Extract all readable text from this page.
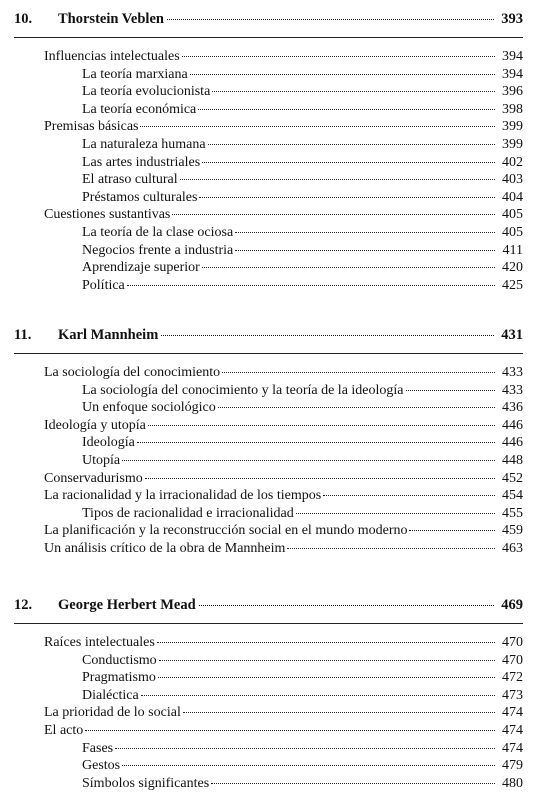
10.	Thorstein Veblen	393
Influencias intelectuales	394
La teoría marxiana	394
La teoría evolucionista	396
La teoría económica	398
Premisas básicas	399
La naturaleza humana	399
Las artes industriales	402
El atraso cultural	403
Préstamos culturales	404
Cuestiones sustantivas	405
La teoría de la clase ociosa	405
Negocios frente a industria	411
Aprendizaje superior	420
Política	425
11.	Karl Mannheim	431
La sociología del conocimiento	433
La sociología del conocimiento y la teoría de la ideología	433
Un enfoque sociológico	436
Ideología y utopía	446
Ideología	446
Utopía	448
Conservadurismo	452
La racionalidad y la irracionalidad de los tiempos	454
Tipos de racionalidad e irracionalidad	455
La planificación y la reconstrucción social en el mundo moderno	459
Un análisis crítico de la obra de Mannheim	463
12.	George Herbert Mead	469
Raíces intelectuales	470
Conductismo	470
Pragmatismo	472
Dialéctica	473
La prioridad de lo social	474
El acto	474
Fases	474
Gestos	479
Símbolos significantes	480
